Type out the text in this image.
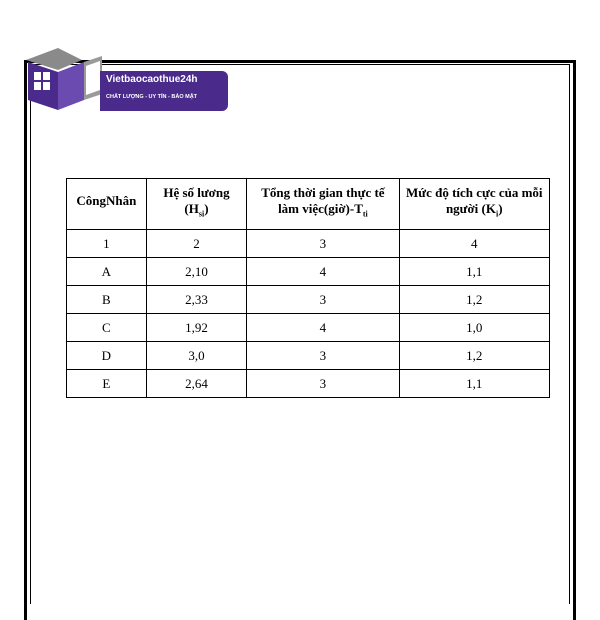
Vietbaocaothue24h
CHẤT LƯỢNG - UY TÍN - BẢO MẬT
CôngNhân	Hệ số lương $(H_{si})$	Tổng thời gian thực tế làm $việc(giờ)-T_{ti}$	Mức độ tích cực của mỗi người $(K_i)$
1	2	3	4
A	2,10	4	1,1
B	2,33	3	1,2
C	1,92	4	1,0
D	3,0	3	1,2
E	2,64	3	1,1
